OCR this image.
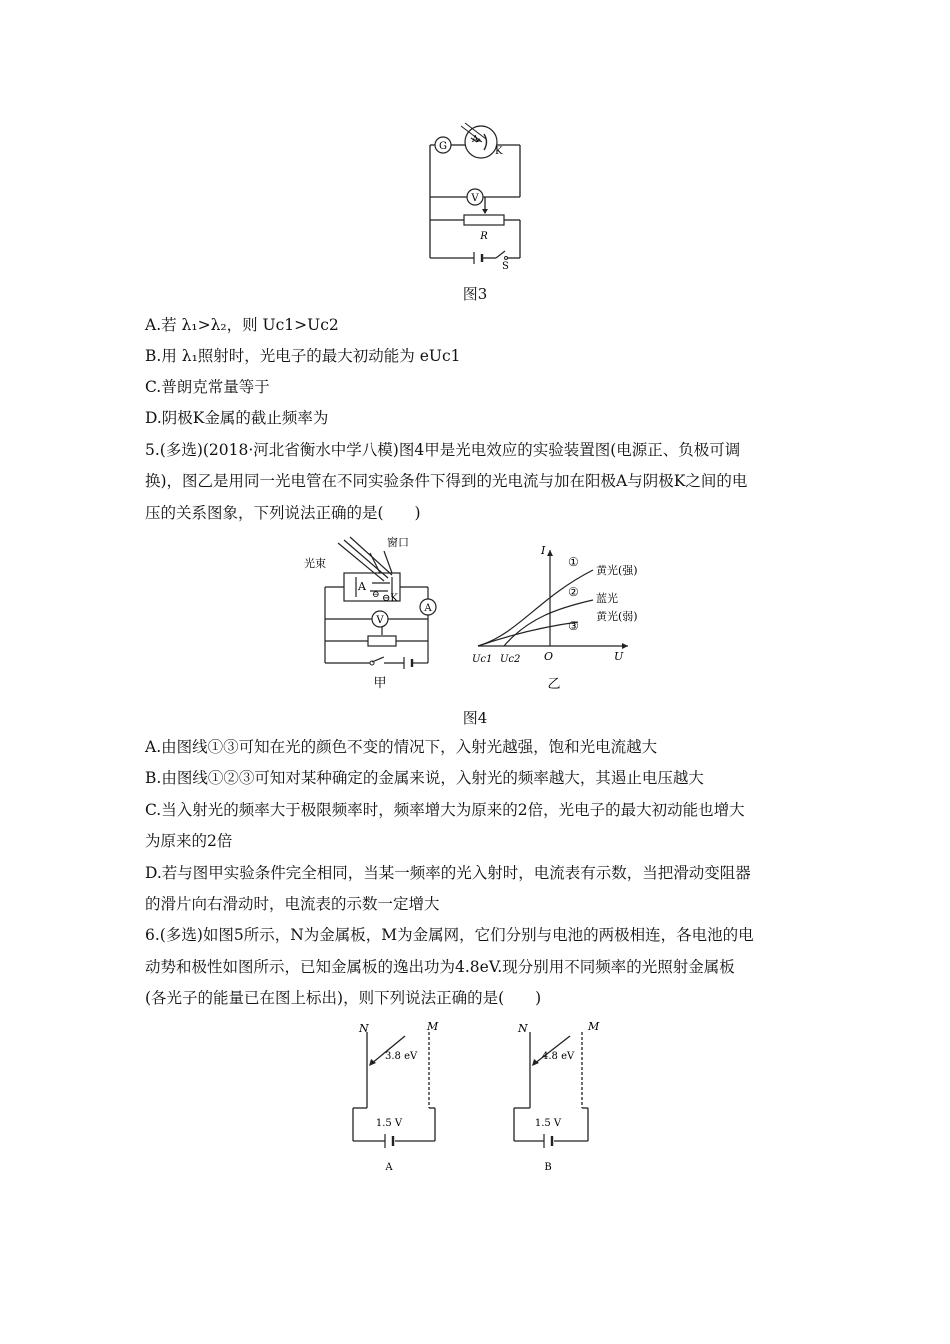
G
A
K
V
R
S
图3
A.若 λ₁>λ₂，则 Uc1>Uc2
B.用 λ₁照射时，光电子的最大初动能为 eUc1
C.普朗克常量等于
D.阴极K金属的截止频率为
5.(多选)(2018·河北省衡水中学八模)图4甲是光电效应的实验装置图(电源正、负极可调
换)，图乙是用同一光电管在不同实验条件下得到的光电流与加在阳极A与阴极K之间的电
压的关系图象，下列说法正确的是(　　)
V
A
窗口
光束
A
⊖ ⊖K
甲
I
U
O
Uc1 Uc2
①
黄光(强)
② 蓝光
③
黄光(弱)
乙
图4
A.由图线①③可知在光的颜色不变的情况下，入射光越强，饱和光电流越大
B.由图线①②③可知对某种确定的金属来说，入射光的频率越大，其遏止电压越大
C.当入射光的频率大于极限频率时，频率增大为原来的2倍，光电子的最大初动能也增大
为原来的2倍
D.若与图甲实验条件完全相同，当某一频率的光入射时，电流表有示数，当把滑动变阻器
的滑片向右滑动时，电流表的示数一定增大
6.(多选)如图5所示，N为金属板，M为金属网，它们分别与电池的两极相连，各电池的电
动势和极性如图所示，已知金属板的逸出功为4.8eV.现分别用不同频率的光照射金属板
(各光子的能量已在图上标出)，则下列说法正确的是(　　)
N	M
3.8 eV
1.5 V
A
N	M
4.8 eV
1.5 V
B
